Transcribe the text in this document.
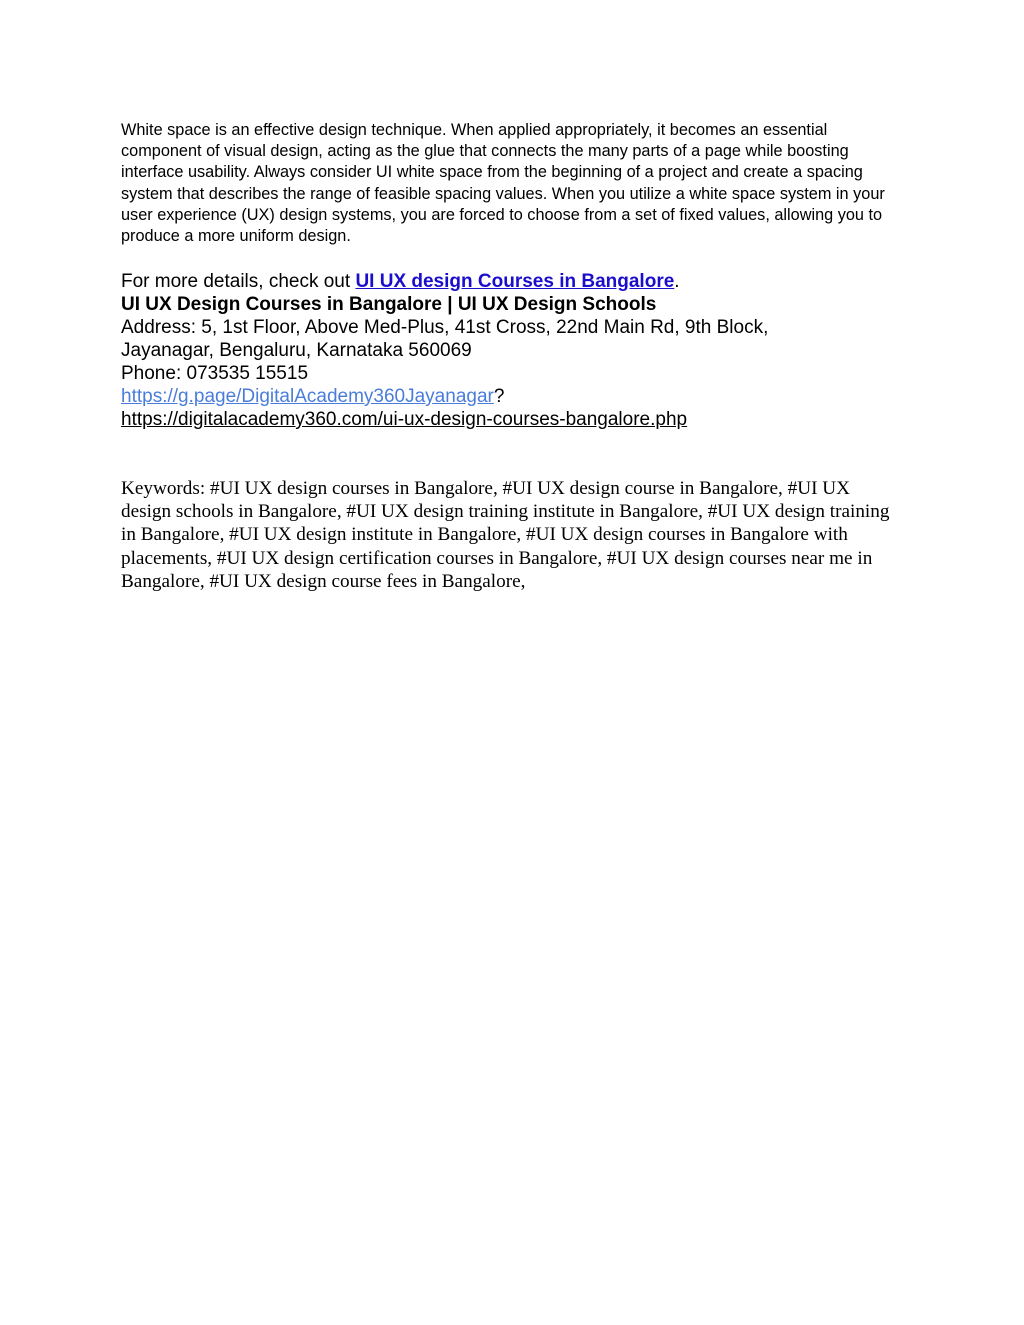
White space is an effective design technique. When applied appropriately, it becomes an essential component of visual design, acting as the glue that connects the many parts of a page while boosting interface usability. Always consider UI white space from the beginning of a project and create a spacing system that describes the range of feasible spacing values. When you utilize a white space system in your user experience (UX) design systems, you are forced to choose from a set of fixed values, allowing you to produce a more uniform design.

For more details, check out UI UX design Courses in Bangalore.
UI UX Design Courses in Bangalore | UI UX Design Schools
Address: 5, 1st Floor, Above Med-Plus, 41st Cross, 22nd Main Rd, 9th Block,
Jayanagar, Bengaluru, Karnataka 560069
Phone: 073535 15515
https://g.page/DigitalAcademy360Jayanagar?
https://digitalacademy360.com/ui-ux-design-courses-bangalore.php

Keywords: #UI UX design courses in Bangalore, #UI UX design course in Bangalore, #UI UX design schools in Bangalore, #UI UX design training institute in Bangalore, #UI UX design training in Bangalore, #UI UX design institute in Bangalore, #UI UX design courses in Bangalore with placements, #UI UX design certification courses in Bangalore, #UI UX design courses near me in Bangalore, #UI UX design course fees in Bangalore,
